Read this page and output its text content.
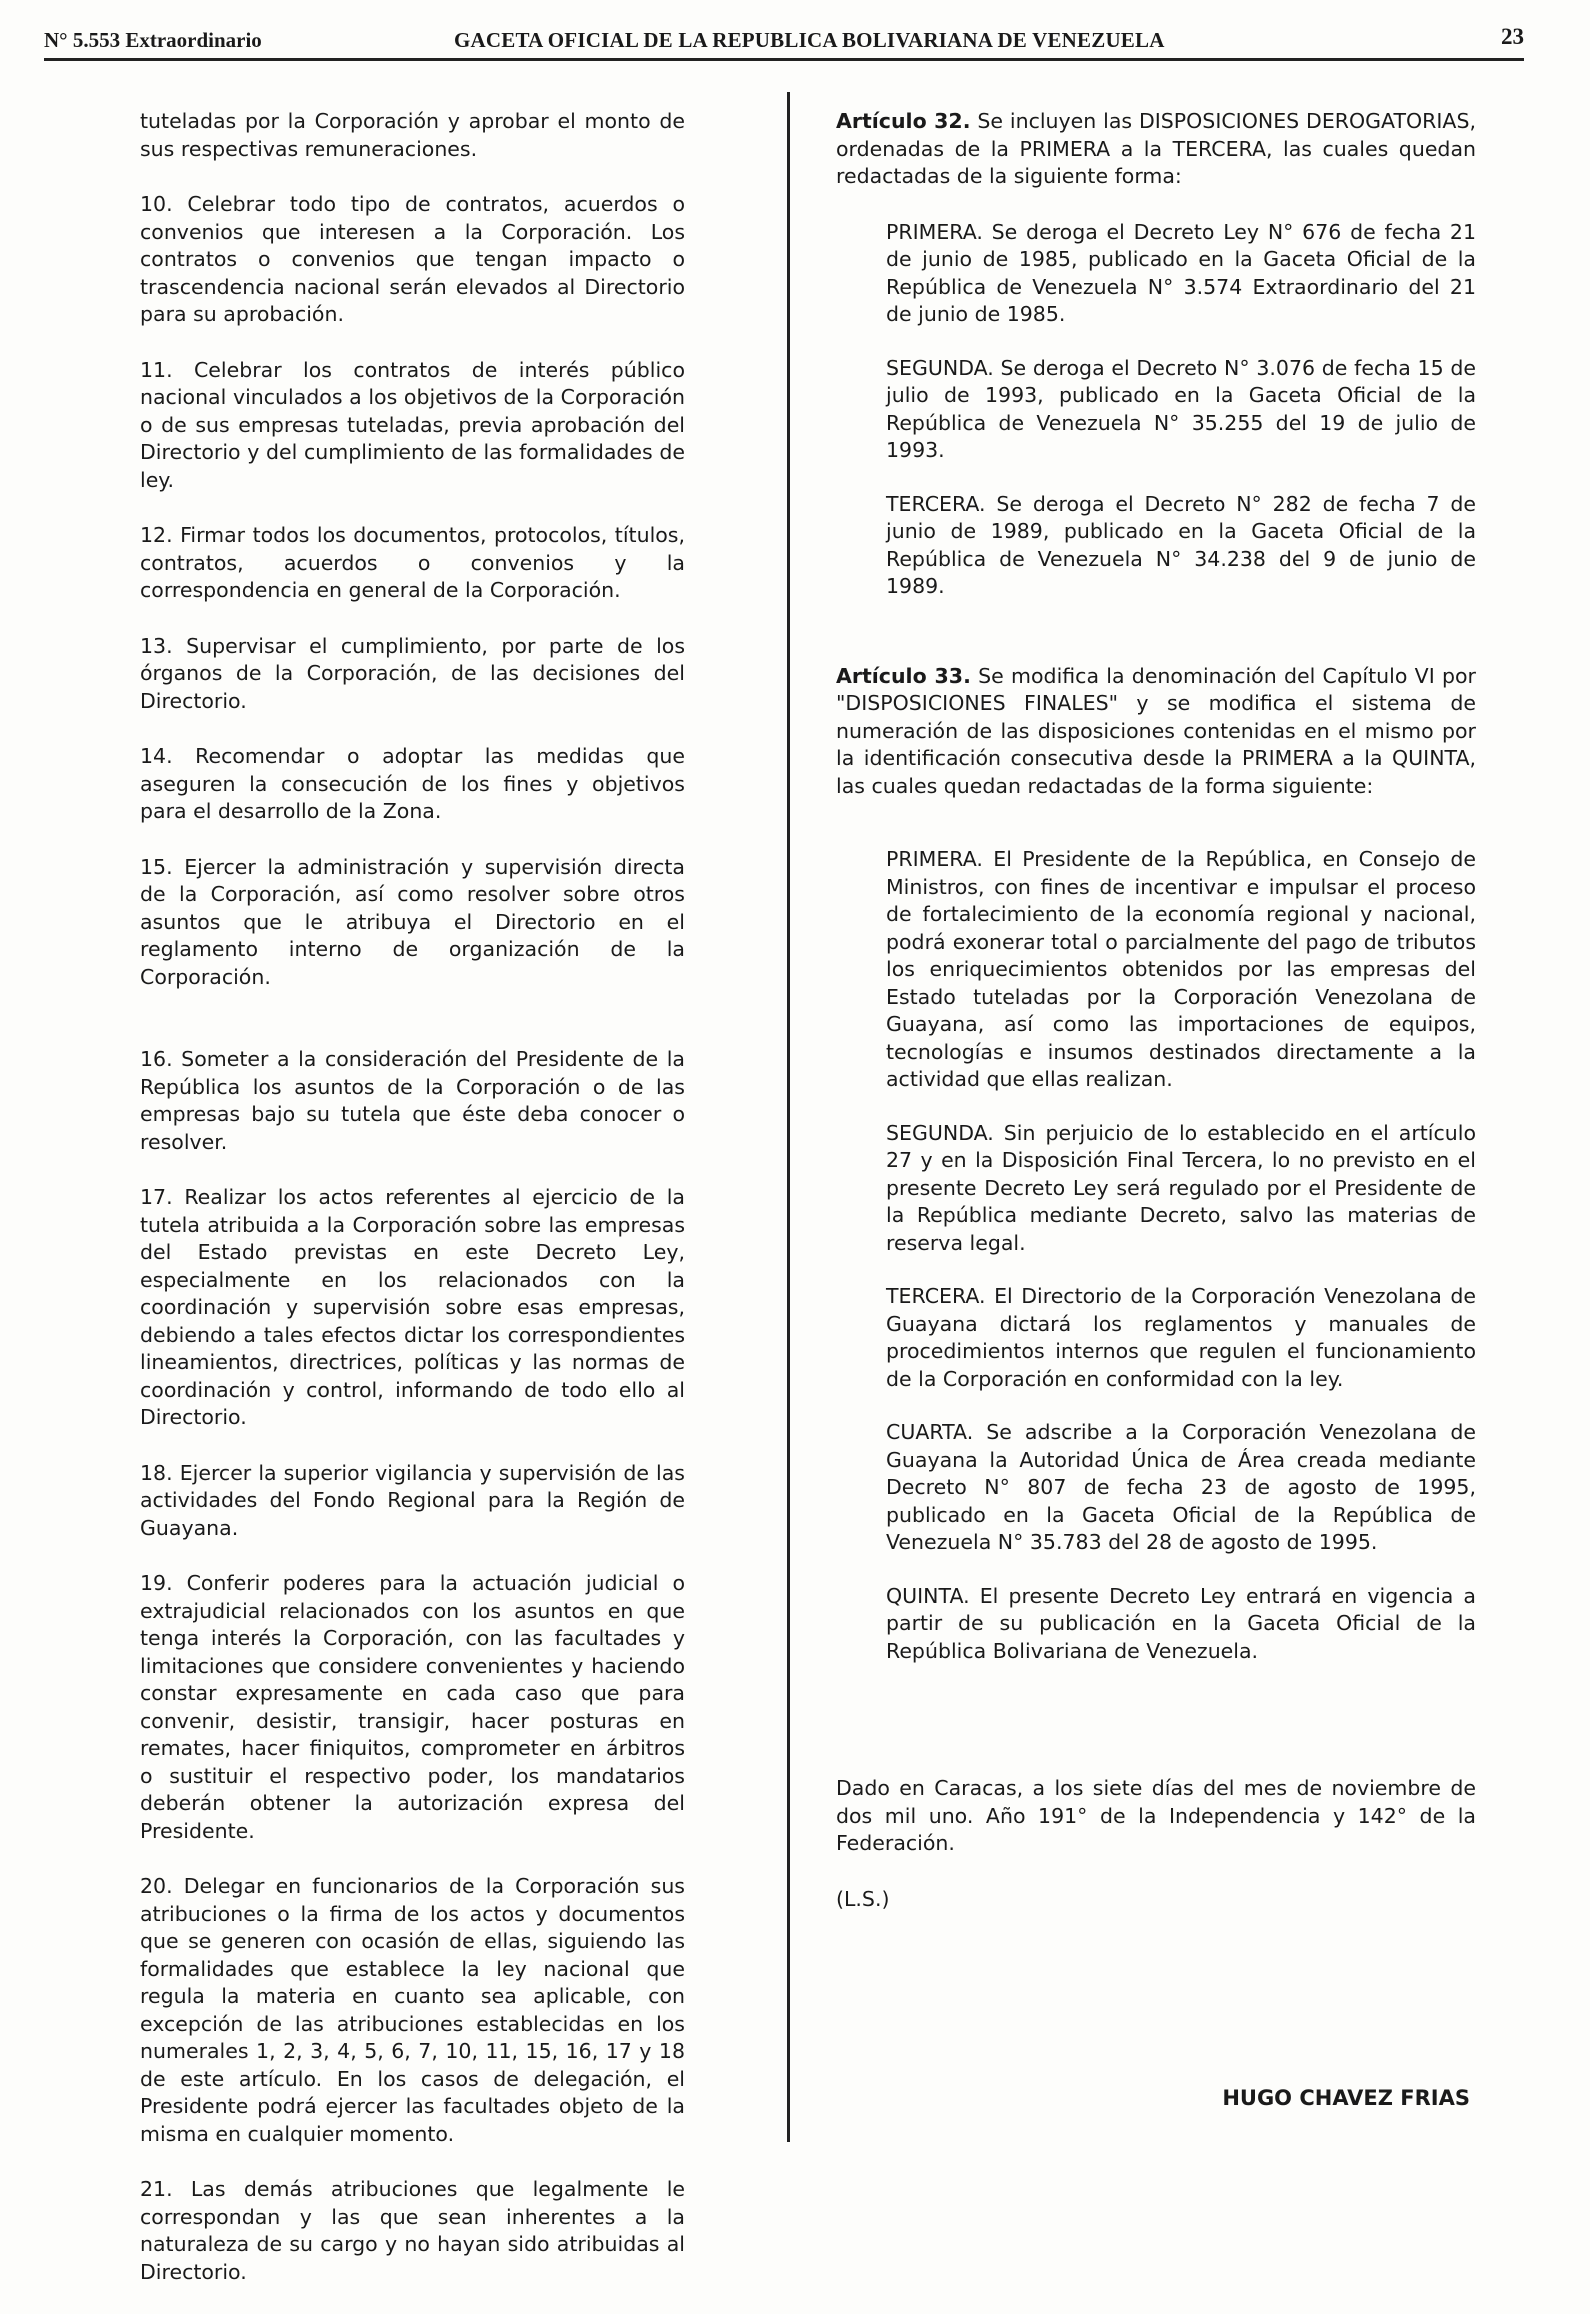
N° 5.553 Extraordinario	GACETA OFICIAL DE LA REPUBLICA BOLIVARIANA DE VENEZUELA	23

tuteladas por la Corporación y aprobar el monto de sus respectivas remuneraciones.

10. Celebrar todo tipo de contratos, acuerdos o convenios que interesen a la Corporación. Los contratos o convenios que tengan impacto o trascendencia nacional serán elevados al Directorio para su aprobación.

11. Celebrar los contratos de interés público nacional vinculados a los objetivos de la Corporación o de sus empresas tuteladas, previa aprobación del Directorio y del cumplimiento de las formalidades de ley.

12. Firmar todos los documentos, protocolos, títulos, contratos, acuerdos o convenios y la correspondencia en general de la Corporación.

13. Supervisar el cumplimiento, por parte de los órganos de la Corporación, de las decisiones del Directorio.

14. Recomendar o adoptar las medidas que aseguren la consecución de los fines y objetivos para el desarrollo de la Zona.

15. Ejercer la administración y supervisión directa de la Corporación, así como resolver sobre otros asuntos que le atribuya el Directorio en el reglamento interno de organización de la Corporación.

16. Someter a la consideración del Presidente de la República los asuntos de la Corporación o de las empresas bajo su tutela que éste deba conocer o resolver.

17. Realizar los actos referentes al ejercicio de la tutela atribuida a la Corporación sobre las empresas del Estado previstas en este Decreto Ley, especialmente en los relacionados con la coordinación y supervisión sobre esas empresas, debiendo a tales efectos dictar los correspondientes lineamientos, directrices, políticas y las normas de coordinación y control, informando de todo ello al Directorio.

18. Ejercer la superior vigilancia y supervisión de las actividades del Fondo Regional para la Región de Guayana.

19. Conferir poderes para la actuación judicial o extrajudicial relacionados con los asuntos en que tenga interés la Corporación, con las facultades y limitaciones que considere convenientes y haciendo constar expresamente en cada caso que para convenir, desistir, transigir, hacer posturas en remates, hacer finiquitos, comprometer en árbitros o sustituir el respectivo poder, los mandatarios deberán obtener la autorización expresa del Presidente.

20. Delegar en funcionarios de la Corporación sus atribuciones o la firma de los actos y documentos que se generen con ocasión de ellas, siguiendo las formalidades que establece la ley nacional que regula la materia en cuanto sea aplicable, con excepción de las atribuciones establecidas en los numerales 1, 2, 3, 4, 5, 6, 7, 10, 11, 15, 16, 17 y 18 de este artículo. En los casos de delegación, el Presidente podrá ejercer las facultades objeto de la misma en cualquier momento.

21. Las demás atribuciones que legalmente le correspondan y las que sean inherentes a la naturaleza de su cargo y no hayan sido atribuidas al Directorio.

Artículo 32. Se incluyen las DISPOSICIONES DEROGATORIAS, ordenadas de la PRIMERA a la TERCERA, las cuales quedan redactadas de la siguiente forma:

PRIMERA. Se deroga el Decreto Ley N° 676 de fecha 21 de junio de 1985, publicado en la Gaceta Oficial de la República de Venezuela N° 3.574 Extraordinario del 21 de junio de 1985.

SEGUNDA. Se deroga el Decreto N° 3.076 de fecha 15 de julio de 1993, publicado en la Gaceta Oficial de la República de Venezuela N° 35.255 del 19 de julio de 1993.

TERCERA. Se deroga el Decreto N° 282 de fecha 7 de junio de 1989, publicado en la Gaceta Oficial de la República de Venezuela N° 34.238 del 9 de junio de 1989.

Artículo 33. Se modifica la denominación del Capítulo VI por "DISPOSICIONES FINALES" y se modifica el sistema de numeración de las disposiciones contenidas en el mismo por la identificación consecutiva desde la PRIMERA a la QUINTA, las cuales quedan redactadas de la forma siguiente:

PRIMERA. El Presidente de la República, en Consejo de Ministros, con fines de incentivar e impulsar el proceso de fortalecimiento de la economía regional y nacional, podrá exonerar total o parcialmente del pago de tributos los enriquecimientos obtenidos por las empresas del Estado tuteladas por la Corporación Venezolana de Guayana, así como las importaciones de equipos, tecnologías e insumos destinados directamente a la actividad que ellas realizan.

SEGUNDA. Sin perjuicio de lo establecido en el artículo 27 y en la Disposición Final Tercera, lo no previsto en el presente Decreto Ley será regulado por el Presidente de la República mediante Decreto, salvo las materias de reserva legal.

TERCERA. El Directorio de la Corporación Venezolana de Guayana dictará los reglamentos y manuales de procedimientos internos que regulen el funcionamiento de la Corporación en conformidad con la ley.

CUARTA. Se adscribe a la Corporación Venezolana de Guayana la Autoridad Única de Área creada mediante Decreto N° 807 de fecha 23 de agosto de 1995, publicado en la Gaceta Oficial de la República de Venezuela N° 35.783 del 28 de agosto de 1995.

QUINTA. El presente Decreto Ley entrará en vigencia a partir de su publicación en la Gaceta Oficial de la República Bolivariana de Venezuela.

Dado en Caracas, a los siete días del mes de noviembre de dos mil uno. Año 191° de la Independencia y 142° de la Federación.

(L.S.)

HUGO CHAVEZ FRIAS
